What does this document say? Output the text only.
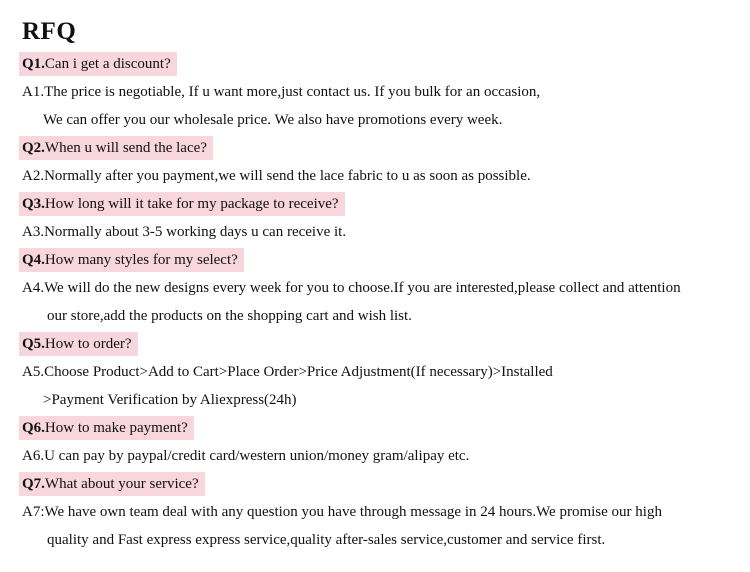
RFQ
Q1.Can i get a discount?
A1.The price is negotiable, If u want more,just contact us. If you bulk for an occasion,
We can offer you our wholesale price. We also have promotions every week.
Q2.When u will send the lace?
A2.Normally after you payment,we will send the lace fabric to u as soon as possible.
Q3.How long will it take for my package to receive?
A3.Normally about 3-5 working days u can receive it.
Q4.How many styles for my select?
A4.We will do the new designs every week for you to choose.If you are interested,please collect and attention
our store,add the products on the shopping cart and wish list.
Q5.How to order?
A5.Choose Product>Add to Cart>Place Order>Price Adjustment(If necessary)>Installed
>Payment Verification by Aliexpress(24h)
Q6.How to make payment?
A6.U can pay by paypal/credit card/western union/money gram/alipay etc.
Q7.What about your service?
A7:We have own team deal with any question you have through message in 24 hours.We promise our high
quality and Fast express express service,quality after-sales service,customer and service first.
